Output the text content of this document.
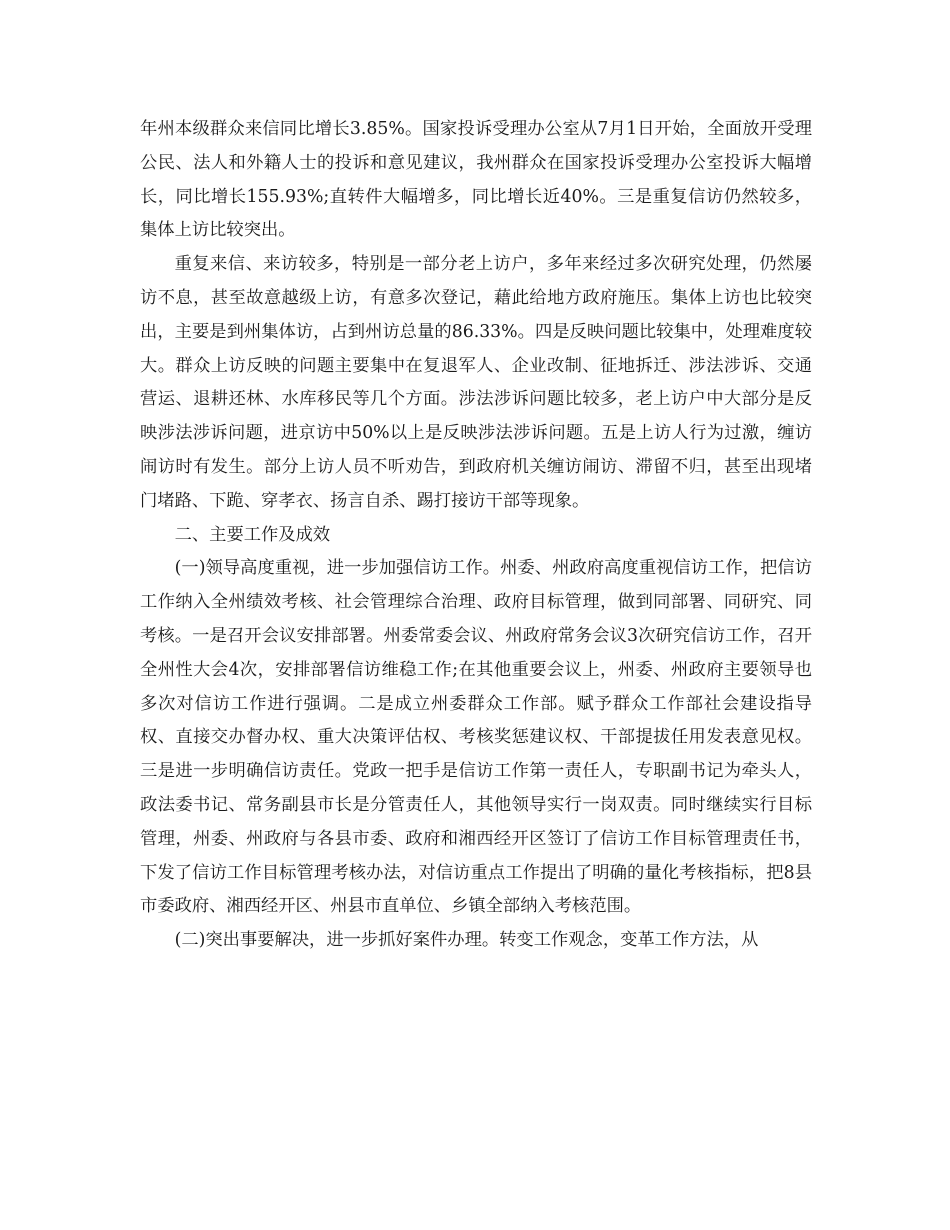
年州本级群众来信同比增长3.85%。国家投诉受理办公室从7月1日开始，全面放开受理公民、法人和外籍人士的投诉和意见建议，我州群众在国家投诉受理办公室投诉大幅增长，同比增长155.93%;直转件大幅增多，同比增长近40%。三是重复信访仍然较多，集体上访比较突出。

重复来信、来访较多，特别是一部分老上访户，多年来经过多次研究处理，仍然屡访不息，甚至故意越级上访，有意多次登记，藉此给地方政府施压。集体上访也比较突出，主要是到州集体访，占到州访总量的86.33%。四是反映问题比较集中，处理难度较大。群众上访反映的问题主要集中在复退军人、企业改制、征地拆迁、涉法涉诉、交通营运、退耕还林、水库移民等几个方面。涉法涉诉问题比较多，老上访户中大部分是反映涉法涉诉问题，进京访中50%以上是反映涉法涉诉问题。五是上访人行为过激，缠访闹访时有发生。部分上访人员不听劝告，到政府机关缠访闹访、滞留不归，甚至出现堵门堵路、下跪、穿孝衣、扬言自杀、踢打接访干部等现象。

二、主要工作及成效

(一)领导高度重视，进一步加强信访工作。州委、州政府高度重视信访工作，把信访工作纳入全州绩效考核、社会管理综合治理、政府目标管理，做到同部署、同研究、同考核。一是召开会议安排部署。州委常委会议、州政府常务会议3次研究信访工作，召开全州性大会4次，安排部署信访维稳工作;在其他重要会议上，州委、州政府主要领导也多次对信访工作进行强调。二是成立州委群众工作部。赋予群众工作部社会建设指导权、直接交办督办权、重大决策评估权、考核奖惩建议权、干部提拔任用发表意见权。三是进一步明确信访责任。党政一把手是信访工作第一责任人，专职副书记为牵头人，政法委书记、常务副县市长是分管责任人，其他领导实行一岗双责。同时继续实行目标管理，州委、州政府与各县市委、政府和湘西经开区签订了信访工作目标管理责任书，下发了信访工作目标管理考核办法，对信访重点工作提出了明确的量化考核指标，把8县市委政府、湘西经开区、州县市直单位、乡镇全部纳入考核范围。

(二)突出事要解决，进一步抓好案件办理。转变工作观念，变革工作方法，从
